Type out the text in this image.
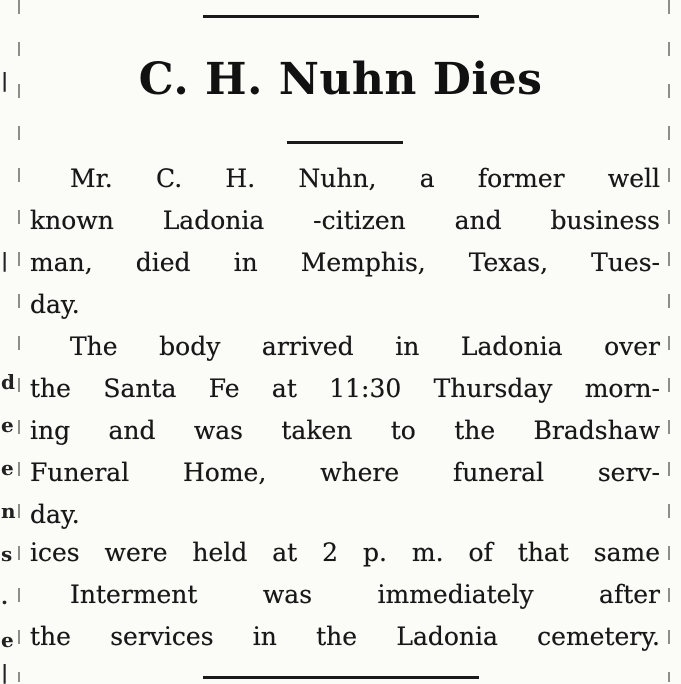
|
|
d
e
e
n
s
.
e
|
C. H. Nuhn Dies
Mr. C. H. Nuhn, a former well
known Ladonia -citizen and business
man, died in Memphis, Texas, Tues-
day.
The body arrived in Ladonia over
the Santa Fe at 11:30 Thursday morn-
ing and was taken to the Bradshaw
Funeral Home, where funeral serv-
day.
ices were held at 2 p. m. of that same
Interment was immediately after
the services in the Ladonia cemetery.
